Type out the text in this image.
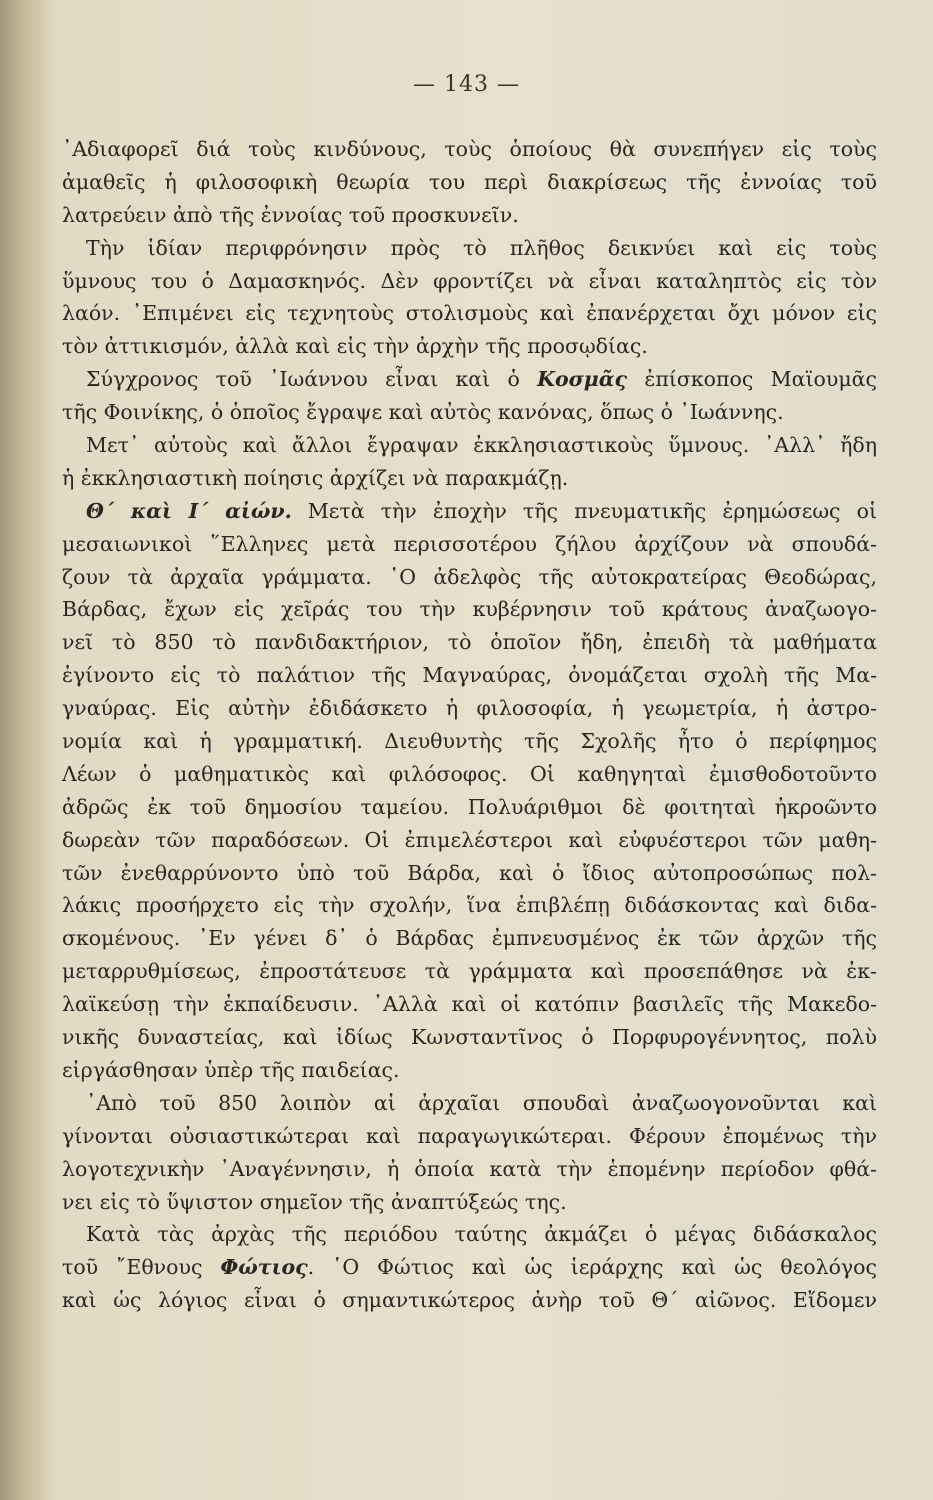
— 143 —
᾿Αδιαφορεῖ διά τοὺς κινδύνους, τοὺς ὁποίους θὰ συνεπήγεν εἰς τοὺς
ἀμαθεῖς ἡ φιλοσοφικὴ θεωρία του περὶ διακρίσεως τῆς ἐννοίας τοῦ
λατρεύειν ἀπὸ τῆς ἐννοίας τοῦ προσκυνεῖν.
Τὴν ἰδίαν περιφρόνησιν πρὸς τὸ πλῆθος δεικνύει καὶ εἰς τοὺς
ὕμνους του ὁ Δαμασκηνός. Δὲν φροντίζει νὰ εἶναι καταληπτὸς εἰς τὸν
λαόν. ᾿Επιμένει εἰς τεχνητοὺς στολισμοὺς καὶ ἐπανέρχεται ὄχι μόνον εἰς
τὸν ἀττικισμόν, ἀλλὰ καὶ εἰς τὴν ἀρχὴν τῆς προσῳδίας.
Σύγχρονος τοῦ ᾿Ιωάννου εἶναι καὶ ὁ Κοσμᾶς ἐπίσκοπος Μαϊουμᾶς
τῆς Φοινίκης, ὁ ὁποῖος ἔγραψε καὶ αὐτὸς κανόνας, ὅπως ὁ ᾿Ιωάννης.
Μετ᾿ αὐτοὺς καὶ ἄλλοι ἔγραψαν ἐκκλησιαστικοὺς ὕμνους. ᾿Αλλ᾿ ἤδη
ἡ ἐκκλησιαστικὴ ποίησις ἀρχίζει νὰ παρακμάζῃ.
Θ΄ καὶ Ι΄ αἰών. Μετὰ τὴν ἐποχὴν τῆς πνευματικῆς ἐρημώσεως οἱ
μεσαιωνικοὶ ῞Ελληνες μετὰ περισσοτέρου ζήλου ἀρχίζουν νὰ σπουδά-
ζουν τὰ ἀρχαῖα γράμματα. ῾Ο ἀδελφὸς τῆς αὐτοκρατείρας Θεοδώρας,
Βάρδας, ἔχων εἰς χεῖράς του τὴν κυβέρνησιν τοῦ κράτους ἀναζωογο-
νεῖ τὸ 850 τὸ πανδιδακτήριον, τὸ ὁποῖον ἤδη, ἐπειδὴ τὰ μαθήματα
ἐγίνοντο εἰς τὸ παλάτιον τῆς Μαγναύρας, ὀνομάζεται σχολὴ τῆς Μα-
γναύρας. Εἰς αὐτὴν ἐδιδάσκετο ἡ φιλοσοφία, ἡ γεωμετρία, ἡ ἀστρο-
νομία καὶ ἡ γραμματική. Διευθυντὴς τῆς Σχολῆς ἦτο ὁ περίφημος
Λέων ὁ μαθηματικὸς καὶ φιλόσοφος. Οἱ καθηγηταὶ ἐμισθοδοτοῦντο
ἀδρῶς ἐκ τοῦ δημοσίου ταμείου. Πολυάριθμοι δὲ φοιτηταὶ ἠκροῶντο
δωρεὰν τῶν παραδόσεων. Οἱ ἐπιμελέστεροι καὶ εὐφυέστεροι τῶν μαθη-
τῶν ἐνεθαρρύνοντο ὑπὸ τοῦ Βάρδα, καὶ ὁ ἴδιος αὐτοπροσώπως πολ-
λάκις προσήρχετο εἰς τὴν σχολήν, ἵνα ἐπιβλέπῃ διδάσκοντας καὶ διδα-
σκομένους. ᾿Εν γένει δ᾿ ὁ Βάρδας ἐμπνευσμένος ἐκ τῶν ἀρχῶν τῆς
μεταρρυθμίσεως, ἐπροστάτευσε τὰ γράμματα καὶ προσεπάθησε νὰ ἐκ-
λαϊκεύσῃ τὴν ἐκπαίδευσιν. ᾿Αλλὰ καὶ οἱ κατόπιν βασιλεῖς τῆς Μακεδο-
νικῆς δυναστείας, καὶ ἰδίως Κωνσταντῖνος ὁ Πορφυρογέννητος, πολὺ
εἰργάσθησαν ὑπὲρ τῆς παιδείας.
᾿Απὸ τοῦ 850 λοιπὸν αἱ ἀρχαῖαι σπουδαὶ ἀναζωογονοῦνται καὶ
γίνονται οὐσιαστικώτεραι καὶ παραγωγικώτεραι. Φέρουν ἐπομένως τὴν
λογοτεχνικὴν ᾿Αναγέννησιν, ἡ ὁποία κατὰ τὴν ἑπομένην περίοδον φθά-
νει εἰς τὸ ὕψιστον σημεῖον τῆς ἀναπτύξεώς της.
Κατὰ τὰς ἀρχὰς τῆς περιόδου ταύτης ἀκμάζει ὁ μέγας διδάσκαλος
τοῦ ῎Εθνους Φώτιος. ῾Ο Φώτιος καὶ ὡς ἱεράρχης καὶ ὡς θεολόγος
καὶ ὡς λόγιος εἶναι ὁ σημαντικώτερος ἀνὴρ τοῦ Θ΄ αἰῶνος. Εἴδομεν
